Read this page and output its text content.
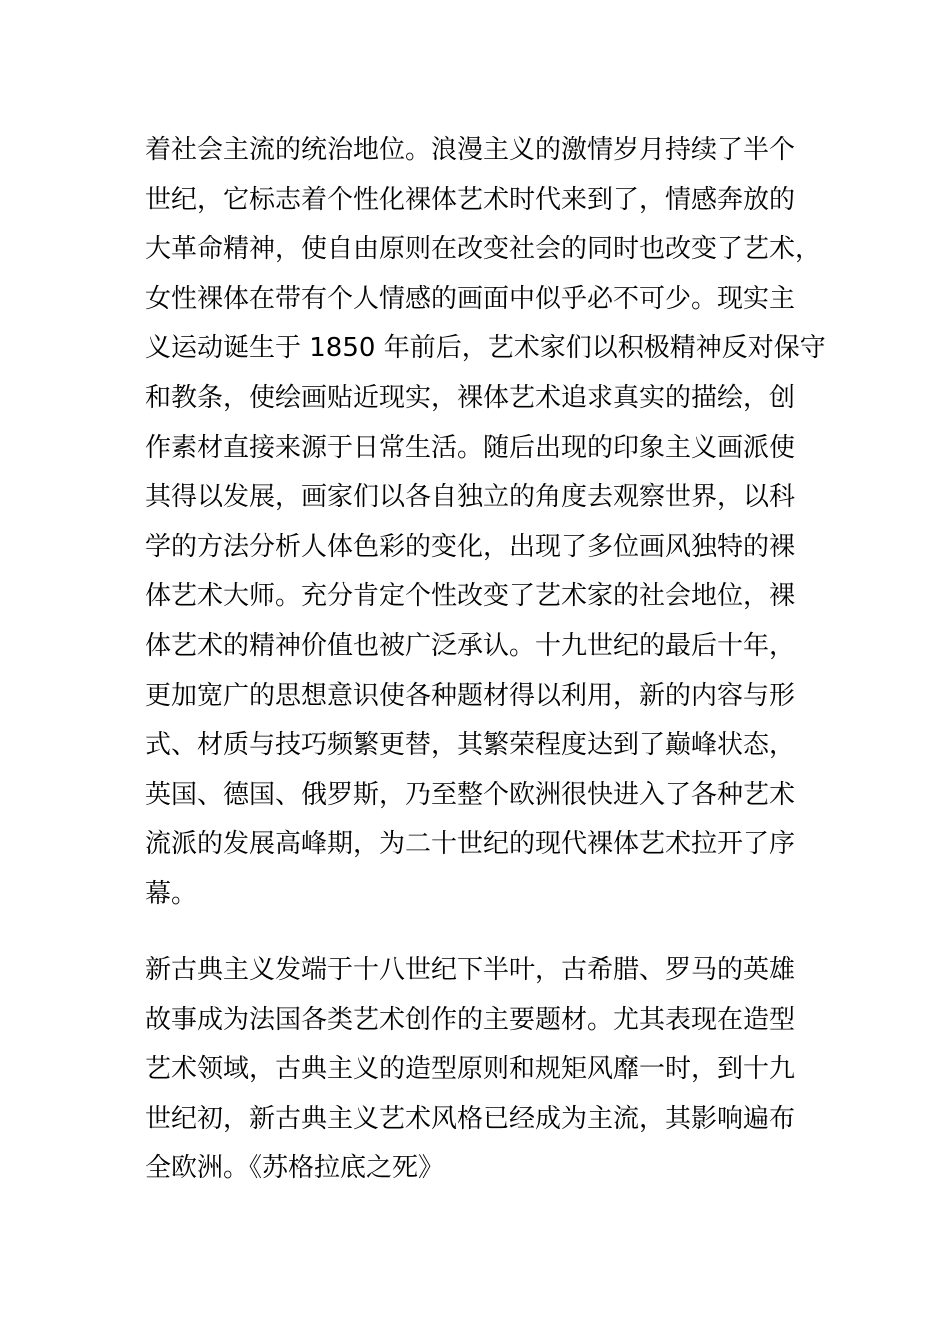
着社会主流的统治地位。浪漫主义的激情岁月持续了半个
世纪，它标志着个性化裸体艺术时代来到了，情感奔放的
大革命精神，使自由原则在改变社会的同时也改变了艺术，
女性裸体在带有个人情感的画面中似乎必不可少。现实主
义运动诞生于 1850 年前后，艺术家们以积极精神反对保守
和教条，使绘画贴近现实，裸体艺术追求真实的描绘，创
作素材直接来源于日常生活。随后出现的印象主义画派使
其得以发展，画家们以各自独立的角度去观察世界，以科
学的方法分析人体色彩的变化，出现了多位画风独特的裸
体艺术大师。充分肯定个性改变了艺术家的社会地位，裸
体艺术的精神价值也被广泛承认。十九世纪的最后十年，
更加宽广的思想意识使各种题材得以利用，新的内容与形
式、材质与技巧频繁更替，其繁荣程度达到了巅峰状态，
英国、德国、俄罗斯，乃至整个欧洲很快进入了各种艺术
流派的发展高峰期，为二十世纪的现代裸体艺术拉开了序
幕。
新古典主义发端于十八世纪下半叶，古希腊、罗马的英雄
故事成为法国各类艺术创作的主要题材。尤其表现在造型
艺术领域，古典主义的造型原则和规矩风靡一时，到十九
世纪初，新古典主义艺术风格已经成为主流，其影响遍布
全欧洲。《苏格拉底之死》
